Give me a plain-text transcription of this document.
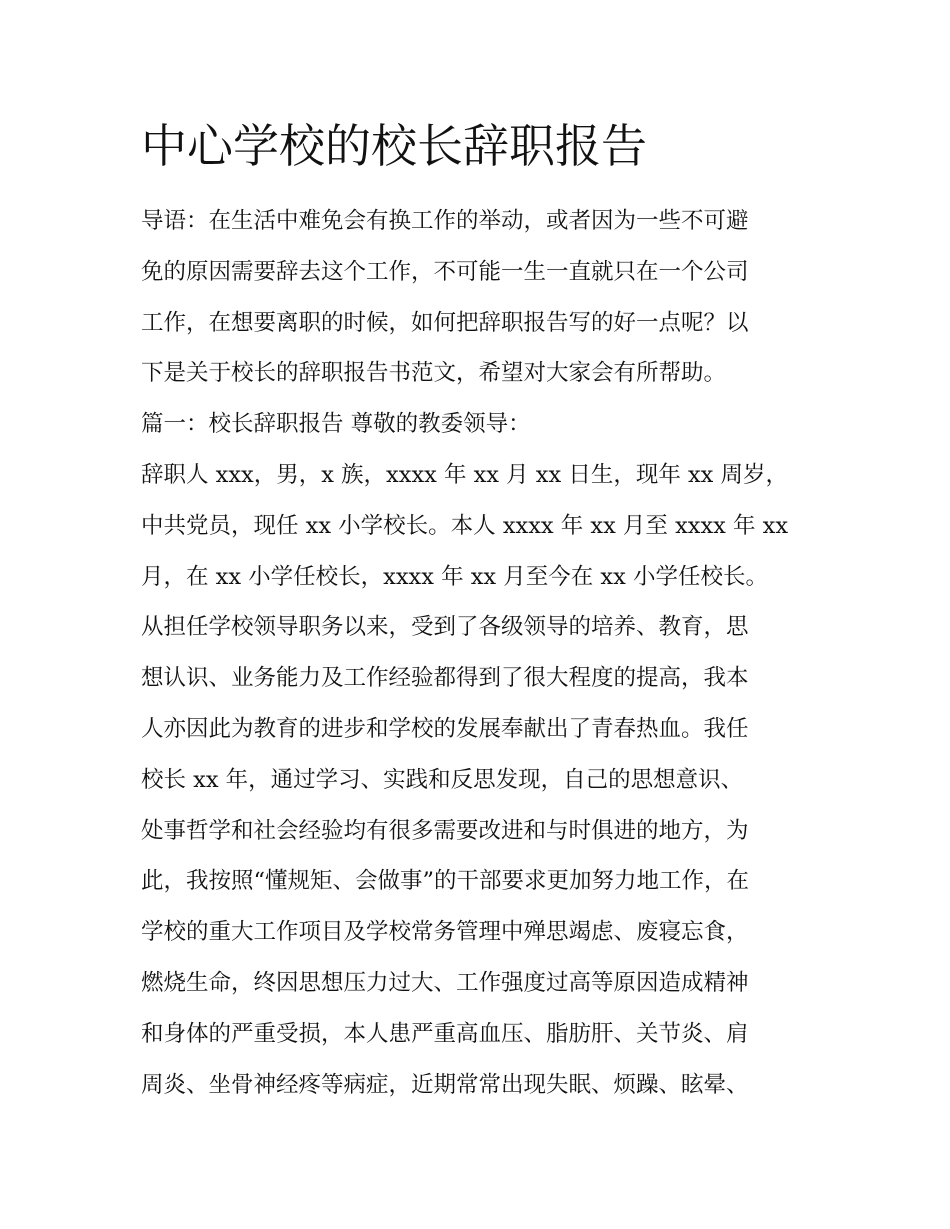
中心学校的校长辞职报告
导语：在生活中难免会有换工作的举动，或者因为一些不可避
免的原因需要辞去这个工作，不可能一生一直就只在一个公司
工作，在想要离职的时候，如何把辞职报告写的好一点呢？以
下是关于校长的辞职报告书范文，希望对大家会有所帮助。
篇一：校长辞职报告 尊敬的教委领导：
辞职人 xxx，男，x 族，xxxx 年 xx 月 xx 日生，现年 xx 周岁，
中共党员，现任 xx 小学校长。本人 xxxx 年 xx 月至 xxxx 年 xx
月，在 xx 小学任校长，xxxx 年 xx 月至今在 xx 小学任校长。
从担任学校领导职务以来，受到了各级领导的培养、教育，思
想认识、业务能力及工作经验都得到了很大程度的提高，我本
人亦因此为教育的进步和学校的发展奉献出了青春热血。我任
校长 xx 年，通过学习、实践和反思发现，自己的思想意识、
处事哲学和社会经验均有很多需要改进和与时俱进的地方，为
此，我按照“懂规矩、会做事”的干部要求更加努力地工作，在
学校的重大工作项目及学校常务管理中殚思竭虑、废寝忘食，
燃烧生命，终因思想压力过大、工作强度过高等原因造成精神
和身体的严重受损，本人患严重高血压、脂肪肝、关节炎、肩
周炎、坐骨神经疼等病症，近期常常出现失眠、烦躁、眩晕、
